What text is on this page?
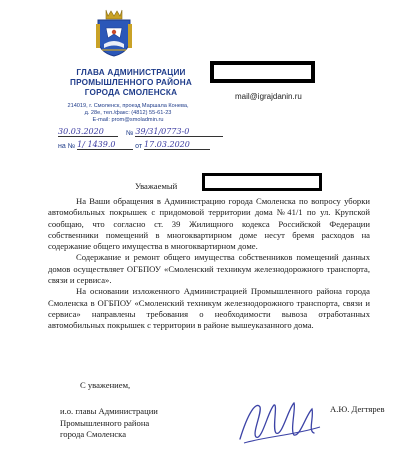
ГЛАВА АДМИНИСТРАЦИИ
ПРОМЫШЛЕННОГО РАЙОНА
ГОРОДА СМОЛЕНСКА
214019, г. Смоленск, проезд Маршала Конева,
д. 28е, тел./факс: (4812) 55-61-23
E-mail: prom@smoladmin.ru
30.03.2020	№ 39/31/0773-0
на № 1/ 1439.0	от 17.03.2020
mail@igrajdanin.ru
Уважаемый

На Ваши обращения в Администрацию города Смоленска по вопросу уборки автомобильных покрышек с придомовой территории дома №41/1 по ул. Крупской сообщаю, что согласно ст. 39 Жилищного кодекса Российской Федерации собственники помещений в многоквартирном доме несут бремя расходов на содержание общего имущества в многоквартирном доме.

Содержание и ремонт общего имущества собственников помещений данных домов осуществляет ОГБПОУ «Смоленский техникум железнодорожного транспорта, связи и сервиса».

На основании изложенного Администрацией Промышленного района города Смоленска в ОГБПОУ «Смоленский техникум железнодорожного транспорта, связи и сервиса» направлены требования о необходимости вывоза отработанных автомобильных покрышек с территории в районе вышеуказанного дома.

С уважением,
и.о. главы Администрации
Промышленного района
города Смоленска
А.Ю. Дегтярев
